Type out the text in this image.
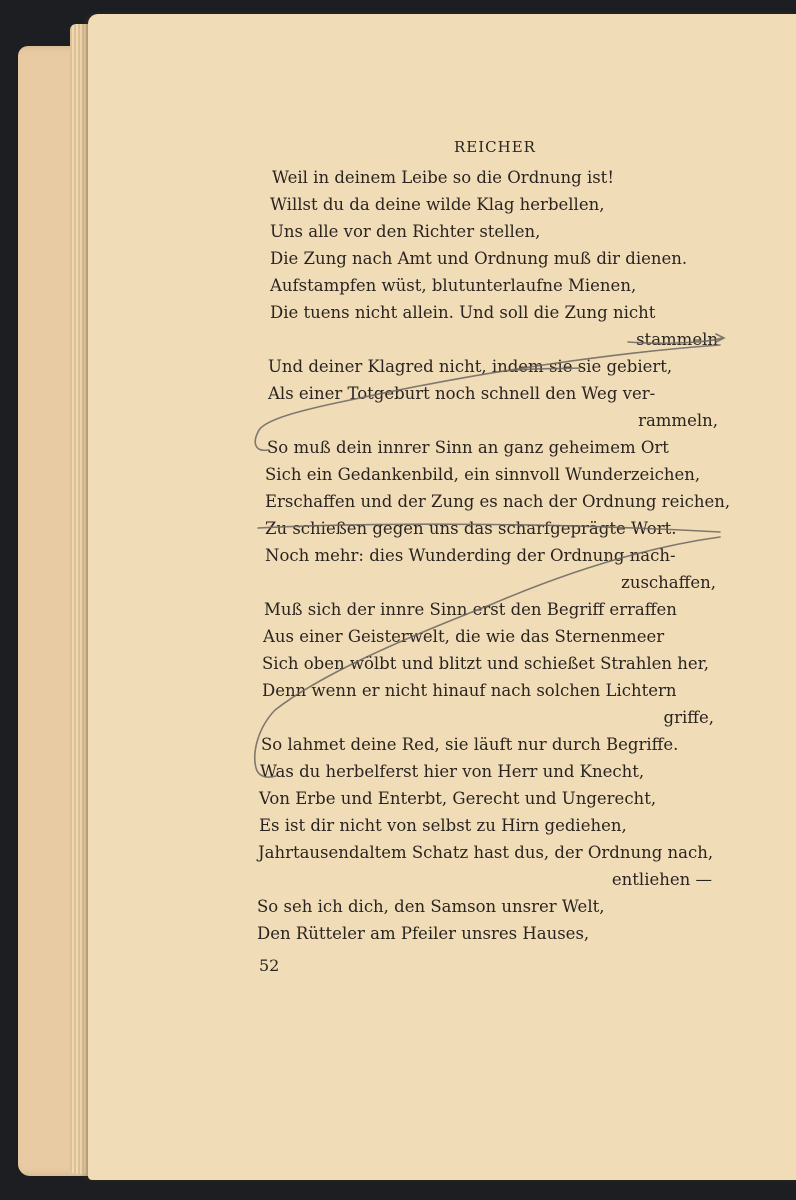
REICHER
Weil in deinem Leibe so die Ordnung ist!
Willst du da deine wilde Klag herbellen,
Uns alle vor den Richter stellen,
Die Zung nach Amt und Ordnung muß dir dienen.
Aufstampfen wüst, blutunterlaufne Mienen,
Die tuens nicht allein. Und soll die Zung nicht
stammeln
Und deiner Klagred nicht, indem sie sie gebiert,
Als einer Totgeburt noch schnell den Weg ver-
rammeln,
So muß dein innrer Sinn an ganz geheimem Ort
Sich ein Gedankenbild, ein sinnvoll Wunderzeichen,
Erschaffen und der Zung es nach der Ordnung reichen,
Zu schießen gegen uns das scharfgeprägte Wort.
Noch mehr: dies Wunderding der Ordnung nach-
zuschaffen,
Muß sich der innre Sinn erst den Begriff erraffen
Aus einer Geisterwelt, die wie das Sternenmeer
Sich oben wölbt und blitzt und schießet Strahlen her,
Denn wenn er nicht hinauf nach solchen Lichtern
griffe,
So lahmet deine Red, sie läuft nur durch Begriffe.
Was du herbelferst hier von Herr und Knecht,
Von Erbe und Enterbt, Gerecht und Ungerecht,
Es ist dir nicht von selbst zu Hirn gediehen,
Jahrtausendaltem Schatz hast dus, der Ordnung nach,
entliehen —
So seh ich dich, den Samson unsrer Welt,
Den Rütteler am Pfeiler unsres Hauses,
52
